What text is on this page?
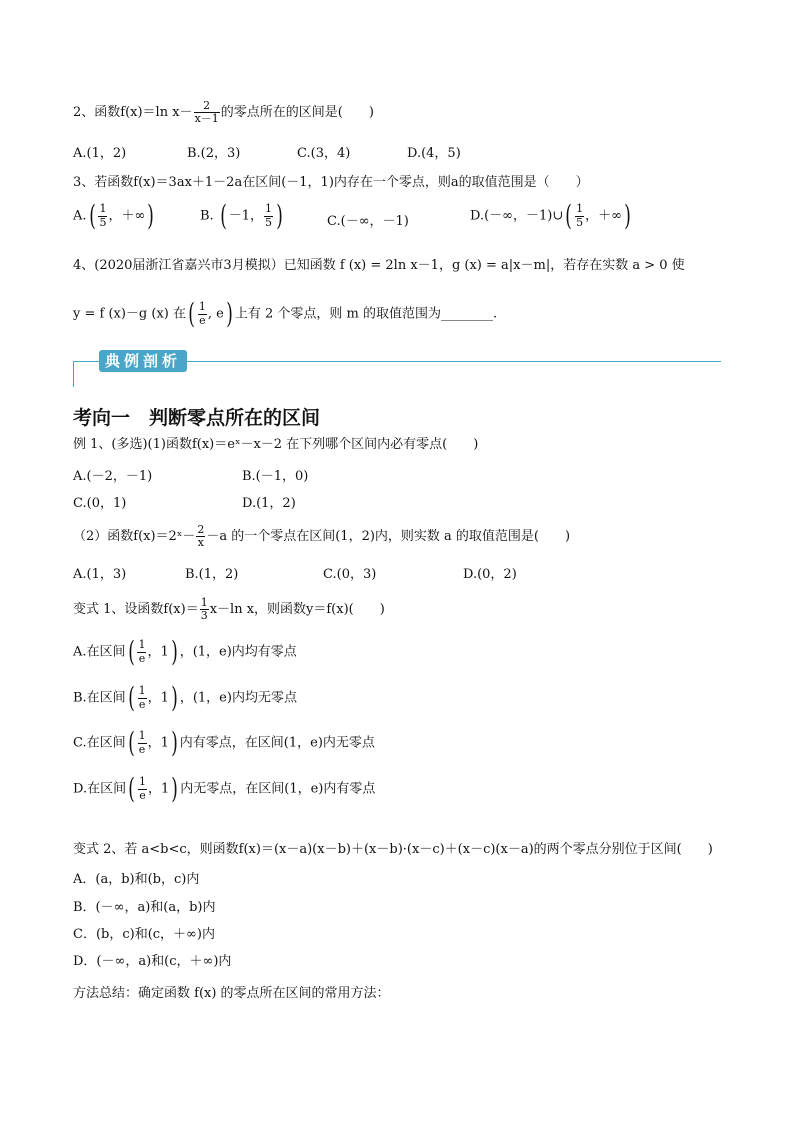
2、函数f(x)＝ln $x- \frac{2}{x-1}$ 的零点所在的区间是(　　)
A.(1，2)	B.(2，3)	C.(3，4)	D.(4，5)
3、若函数f(x)＝3ax＋1－2a在区间(－1，1)内存在一个零点，则a的取值范围是（　　）
$A.( \frac{1}{5}$ ，＋∞)	B. ( －1， $\frac{1}{5}$ )	C.(－∞，－1)	D.(－∞，－1)∪( $\frac{1}{5}$ ，＋∞)
4、(2020届浙江省嘉兴市3月模拟）已知函数 f (x) = 2ln x－1，g (x) = a|x－m|，若存在实数 a > 0 使
y = f (x)－g (x) 在( $\frac{1}{e}$ , e) 上有 2 个零点，则 m 的取值范围为________.
典例剖析
考向一　判断零点所在的区间
例 1、(多选)(1)函数f(x)＝eˣ－x－2 在下列哪个区间内必有零点(　　)
A.(－2，－1)	B.(－1，0)
C.(0，1)	D.(1，2)
（2）函数f(x)＝2ˣ－ $\frac{2}{x} -a$ 的一个零点在区间(1，2)内，则实数 a 的取值范围是(　　)
A.(1，3)	B.(1，2)	C.(0，3)	D.(0，2)
变式 1、设函数$f(x)= \frac{1}{3} x-\ln$ x，则函数y＝f(x)(　　)
A.在区间( $\frac{1}{e}$ ，1) ，(1，e)内均有零点
B.在区间( $\frac{1}{e}$ ，1) ，(1，e)内均无零点
C.在区间( $\frac{1}{e}$ ，1) 内有零点，在区间(1，e)内无零点
D.在区间( $\frac{1}{e}$ ，1) 内无零点，在区间(1，e)内有零点
变式 2、若 a<b<c，则函数f(x)＝(x－a)(x－b)＋(x－b)·(x－c)＋(x－c)(x－a)的两个零点分别位于区间(　　)
A．(a，b)和(b，c)内
B．(－∞，a)和(a，b)内
C．(b，c)和(c，＋∞)内
D．(－∞，a)和(c，＋∞)内
方法总结：确定函数 f(x) 的零点所在区间的常用方法：
